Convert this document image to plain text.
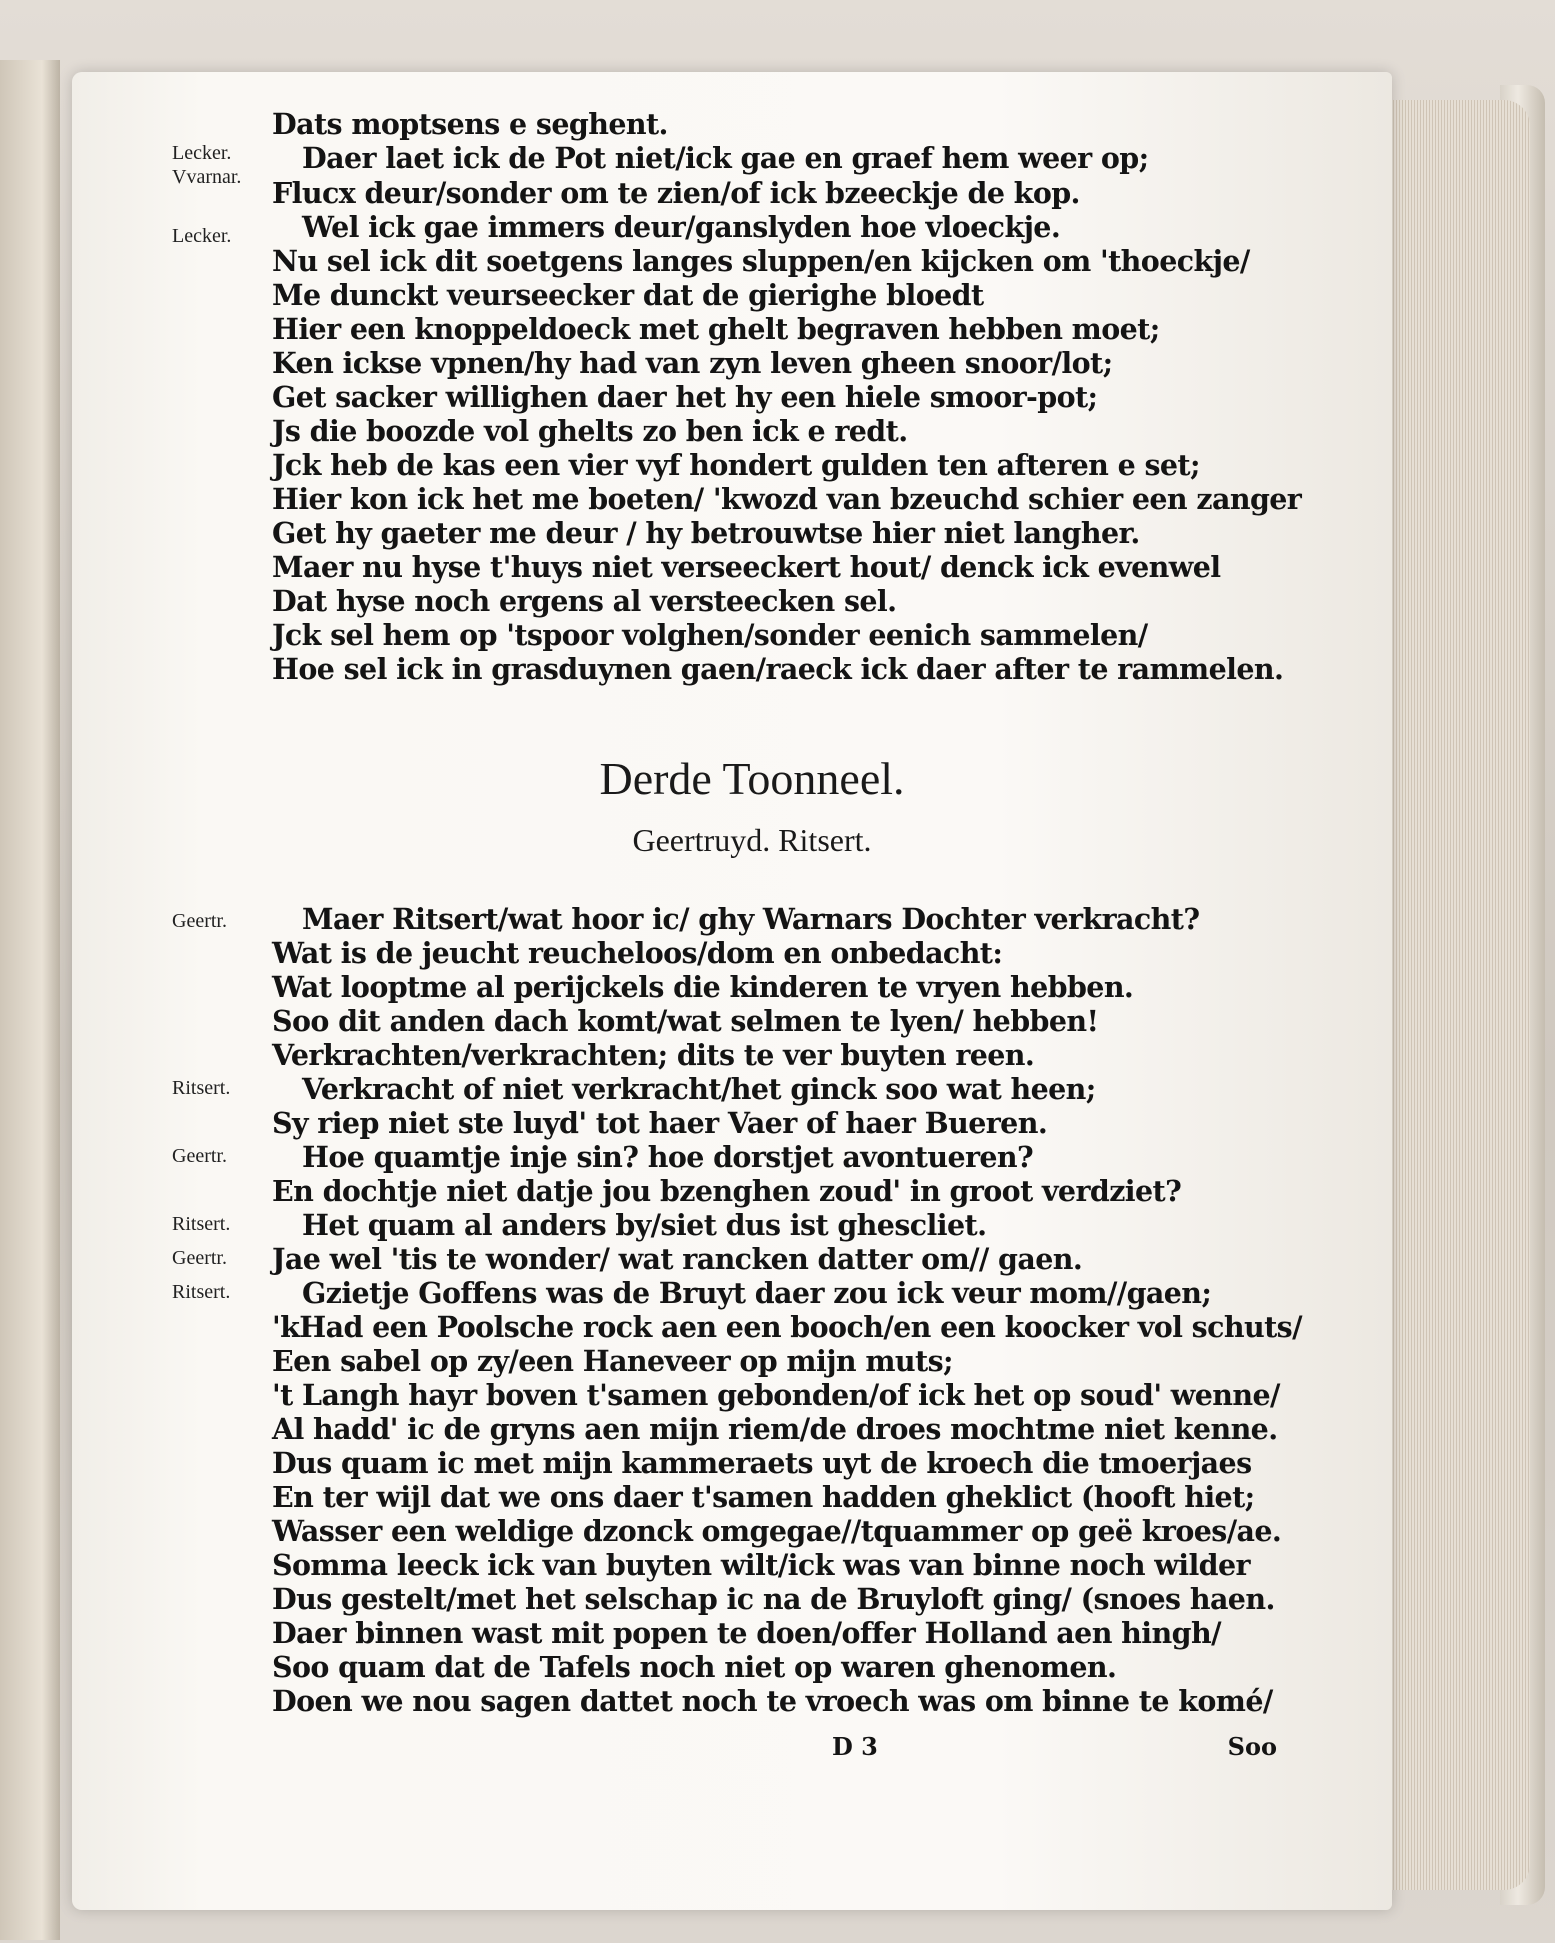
Lecker.
Vvarnar.
Lecker.
Dats moptsens e seghent.
Daer laet ick de Pot niet/ick gae en graef hem weer op;
Flucx deur/sonder om te zien/of ick bzeeckje de kop.
Wel ick gae immers deur/ganslyden hoe vloeckje.
Nu sel ick dit soetgens langes sluppen/en kijcken om 'thoeckje/
Me dunckt veurseecker dat de gierighe bloedt
Hier een knoppeldoeck met ghelt begraven hebben moet;
Ken ickse vpnen/hy had van zyn leven gheen snoor/lot;
Get sacker willighen daer het hy een hiele smoor-pot;
Js die boozde vol ghelts zo ben ick e redt.
Jck heb de kas een vier vyf hondert gulden ten afteren e set;
Hier kon ick het me boeten/ 'kwozd van bzeuchd schier een zanger
Get hy gaeter me deur / hy betrouwtse hier niet langher.
Maer nu hyse t'huys niet verseeckert hout/ denck ick evenwel
Dat hyse noch ergens al versteecken sel.
Jck sel hem op 'tspoor volghen/sonder eenich sammelen/
Hoe sel ick in grasduynen gaen/raeck ick daer after te rammelen.
Derde Toonneel.
Geertruyd. Ritsert.
Geertr.
Ritsert.
Geertr.
Ritsert.
Geertr.
Ritsert.
Maer Ritsert/wat hoor ic/ ghy Warnars Dochter verkracht?
Wat is de jeucht reucheloos/dom en onbedacht:
Wat looptme al perijckels die kinderen te vryen hebben.
Soo dit anden dach komt/wat selmen te lyen/ hebben!
Verkrachten/verkrachten; dits te ver buyten reen.
Verkracht of niet verkracht/het ginck soo wat heen;
Sy riep niet ste luyd' tot haer Vaer of haer Bueren.
Hoe quamtje inje sin? hoe dorstjet avontueren?
En dochtje niet datje jou bzenghen zoud' in groot verdziet?
Het quam al anders by/siet dus ist ghescliet.
Jae wel 'tis te wonder/ wat rancken datter om// gaen.
Gzietje Goffens was de Bruyt daer zou ick veur mom//gaen;
'kHad een Poolsche rock aen een booch/en een koocker vol schuts/
Een sabel op zy/een Haneveer op mijn muts;
't Langh hayr boven t'samen gebonden/of ick het op soud' wenne/
Al hadd' ic de gryns aen mijn riem/de droes mochtme niet kenne.
Dus quam ic met mijn kammeraets uyt de kroech die tmoerjaes
En ter wijl dat we ons daer t'samen hadden gheklict (hooft hiet;
Wasser een weldige dzonck omgegae//tquammer op geë kroes/ae.
Somma leeck ick van buyten wilt/ick was van binne noch wilder
Dus gestelt/met het selschap ic na de Bruyloft ging/ (snoes haen.
Daer binnen wast mit popen te doen/offer Holland aen hingh/
Soo quam dat de Tafels noch niet op waren ghenomen.
Doen we nou sagen dattet noch te vroech was om binne te komé/
D 3	Soo
